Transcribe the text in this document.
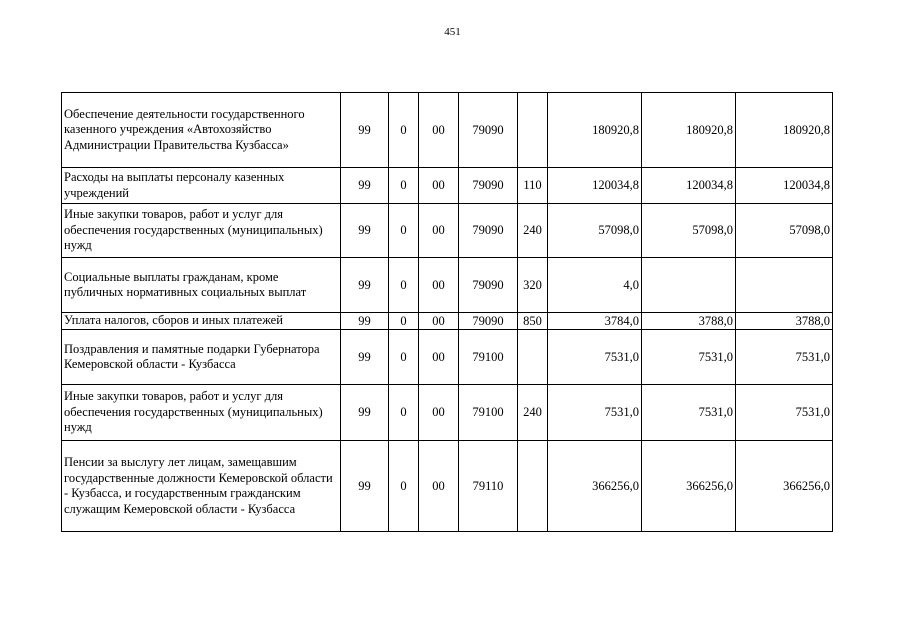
451
Обеспечение деятельности государственного казенного учреждения «Автохозяйство Администрации Правительства Кузбасса»	99	0	00	79090		180920,8	180920,8	180920,8
Расходы на выплаты персоналу казенных учреждений	99	0	00	79090	110	120034,8	120034,8	120034,8
Иные закупки товаров, работ и услуг для обеспечения государственных (муниципальных) нужд	99	0	00	79090	240	57098,0	57098,0	57098,0
Социальные выплаты гражданам, кроме публичных нормативных социальных выплат	99	0	00	79090	320	4,0		
Уплата налогов, сборов и иных платежей	99	0	00	79090	850	3784,0	3788,0	3788,0
Поздравления и памятные подарки Губернатора Кемеровской области - Кузбасса	99	0	00	79100		7531,0	7531,0	7531,0
Иные закупки товаров, работ и услуг для обеспечения государственных (муниципальных) нужд	99	0	00	79100	240	7531,0	7531,0	7531,0
Пенсии за выслугу лет лицам, замещавшим государственные должности Кемеровской области - Кузбасса, и государственным гражданским служащим Кемеровской области - Кузбасса	99	0	00	79110		366256,0	366256,0	366256,0
